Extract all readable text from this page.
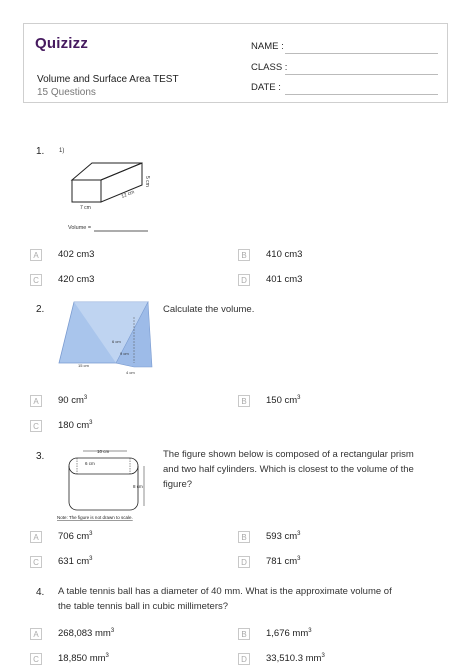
Quizizz
Volume and Surface Area TEST
15 Questions
NAME :
CLASS :
DATE :
1. 1)
5 cm
7 cm
12 cm
Volume =
A	402 cm3	B	410 cm3
C	420 cm3	D	401 cm3
2.	Calculate the volume.
6 cm
9 cm
4 cm
15 cm
A	90 $cm^3$	B	150 $cm^3$
C	180 $cm^3$
3.	The figure shown below is composed of a rectangular prism
and two half cylinders. Which is closest to the volume of the
figure?
10 cm
6 cm
8 cm
Note: The figure is not drawn to scale.
A	706 $cm^3$	B	593 $cm^3$
C	631 $cm^3$	D	781 $cm^3$
4. A table tennis ball has a diameter of 40 mm. What is the approximate volume of
the table tennis ball in cubic millimeters?
A	268,083 $mm^3$	B	1,676 $mm^3$
C	18,850 $mm^3$	D	33,510.3 $mm^3$
